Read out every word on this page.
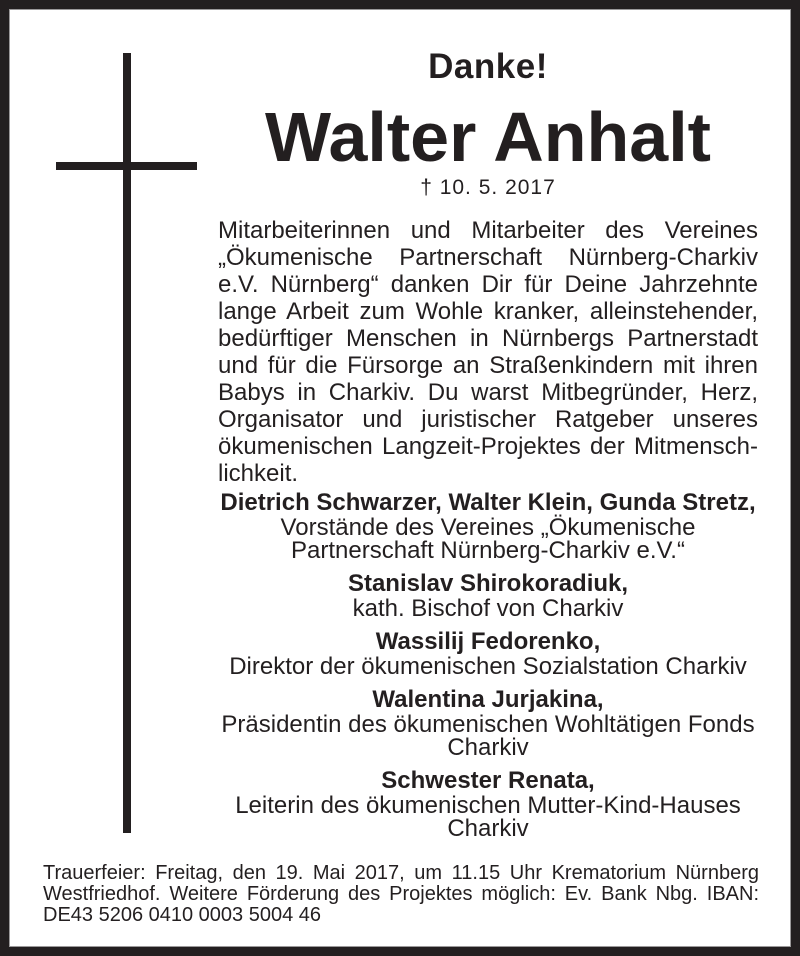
Danke!
Walter Anhalt
† 10. 5. 2017
Mitarbeiterinnen und Mitarbeiter des Vereines „Ökumenische Partnerschaft Nürnberg-Charkiv e.V. Nürnberg“ danken Dir für Deine Jahrzehnte lange Arbeit zum Wohle kranker, alleinstehender, bedürftiger Menschen in Nürnbergs Partnerstadt und für die Fürsorge an Straßenkindern mit ihren Babys in Charkiv. Du warst Mitbegründer, Herz, Organisator und juristischer Ratgeber unseres ökumenischen Langzeit-Projektes der Mitmenschlichkeit.
Dietrich Schwarzer, Walter Klein, Gunda Stretz,
Vorstände des Vereines „Ökumenische Partnerschaft Nürnberg-Charkiv e.V.“
Stanislav Shirokoradiuk,
kath. Bischof von Charkiv
Wassilij Fedorenko,
Direktor der ökumenischen Sozialstation Charkiv
Walentina Jurjakina,
Präsidentin des ökumenischen Wohltätigen Fonds Charkiv
Schwester Renata,
Leiterin des ökumenischen Mutter-Kind-Hauses Charkiv
Trauerfeier: Freitag, den 19. Mai 2017, um 11.15 Uhr Krematorium Nürnberg Westfriedhof. Weitere Förderung des Projektes möglich: Ev. Bank Nbg. IBAN: DE43 5206 0410 0003 5004 46
